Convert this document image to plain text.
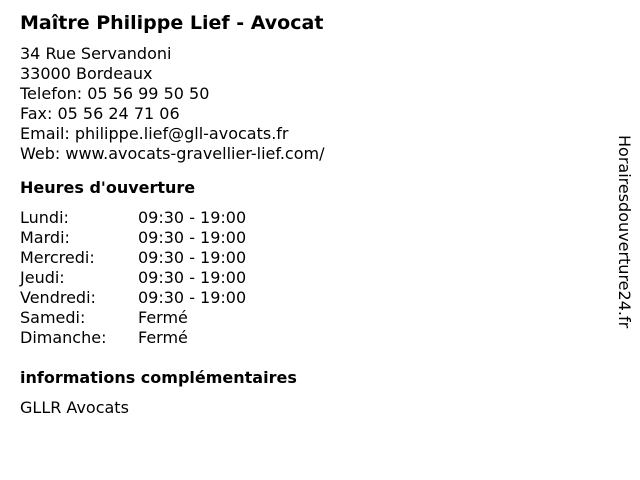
Maître Philippe Lief - Avocat
34 Rue Servandoni
33000 Bordeaux
Telefon: 05 56 99 50 50
Fax: 05 56 24 71 06
Email: philippe.lief@gll-avocats.fr
Web: www.avocats-gravellier-lief.com/
Heures d'ouverture
Lundi:	09:30 - 19:00
Mardi:	09:30 - 19:00
Mercredi:	09:30 - 19:00
Jeudi:	09:30 - 19:00
Vendredi:	09:30 - 19:00
Samedi:	Fermé
Dimanche:	Fermé
informations complémentaires
GLLR Avocats
Horairesdouverture24.fr
